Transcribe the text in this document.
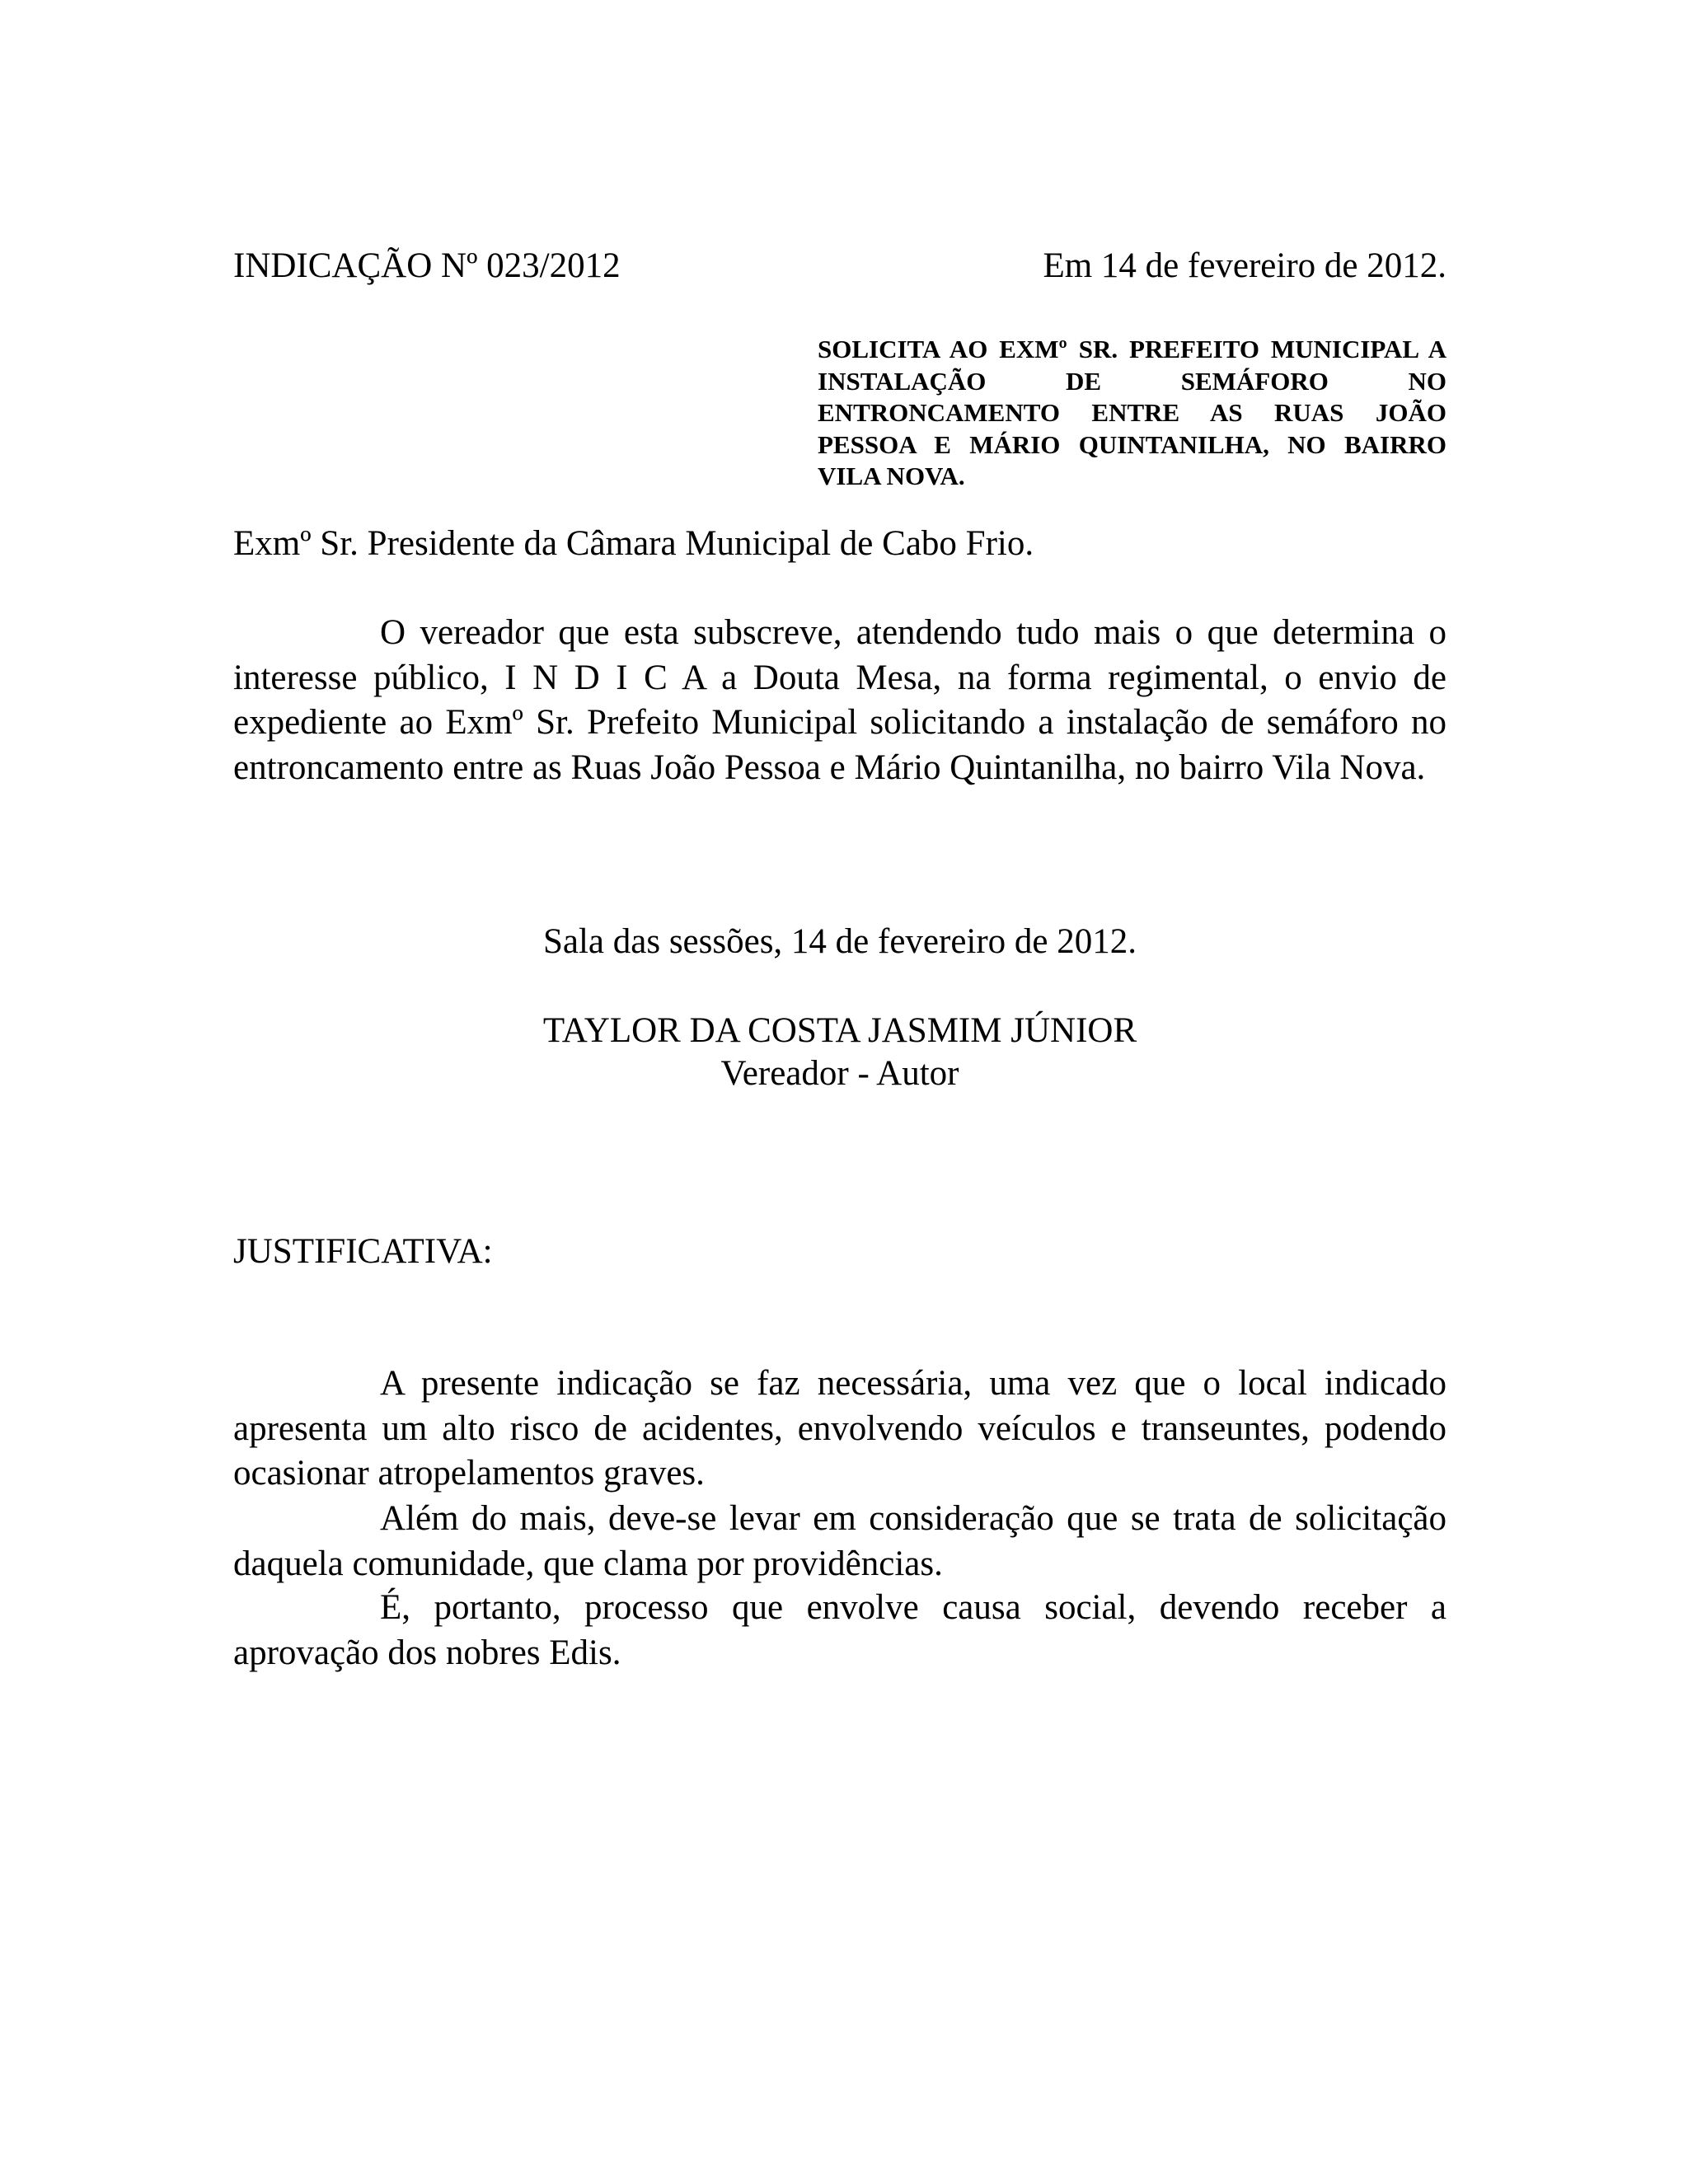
INDICAÇÃO Nº 023/2012	Em 14 de fevereiro de 2012.
SOLICITA AO EXMº SR. PREFEITO MUNICIPAL A INSTALAÇÃO DE SEMÁFORO NO ENTRONCAMENTO ENTRE AS RUAS JOÃO PESSOA E MÁRIO QUINTANILHA, NO BAIRRO VILA NOVA.
Exmº Sr. Presidente da Câmara Municipal de Cabo Frio.

O vereador que esta subscreve, atendendo tudo mais o que determina o interesse público, I N D I C A a Douta Mesa, na forma regimental, o envio de expediente ao Exmº Sr. Prefeito Municipal solicitando a instalação de semáforo no entroncamento entre as Ruas João Pessoa e Mário Quintanilha, no bairro Vila Nova.

Sala das sessões, 14 de fevereiro de 2012.
TAYLOR DA COSTA JASMIM JÚNIOR
Vereador - Autor
JUSTIFICATIVA:

A presente indicação se faz necessária, uma vez que o local indicado apresenta um alto risco de acidentes, envolvendo veículos e transeuntes, podendo ocasionar atropelamentos graves.

Além do mais, deve-se levar em consideração que se trata de solicitação daquela comunidade, que clama por providências.

É, portanto, processo que envolve causa social, devendo receber a aprovação dos nobres Edis.
